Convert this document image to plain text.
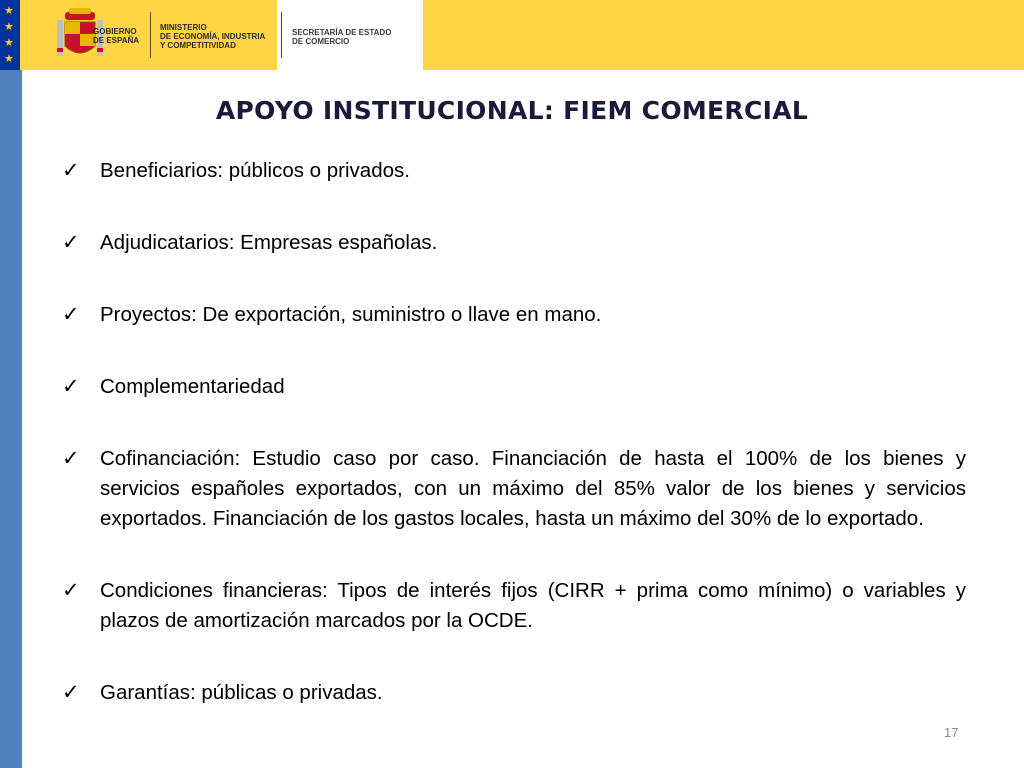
★
★
★
★
GOBIERNO
DE ESPAÑA
MINISTERIO
DE ECONOMÍA, INDUSTRIA
Y COMPETITIVIDAD
SECRETARÍA DE ESTADO
DE COMERCIO
APOYO INSTITUCIONAL: FIEM COMERCIAL
✓ Beneficiarios: públicos o privados.
✓ Adjudicatarios: Empresas españolas.
✓ Proyectos: De exportación, suministro o llave en mano.
✓ Complementariedad
✓ Cofinanciación: Estudio caso por caso. Financiación de hasta el 100% de los bienes y servicios españoles exportados, con un máximo del 85% valor de los bienes y servicios exportados. Financiación de los gastos locales, hasta un máximo del 30% de lo exportado.
✓ Condiciones financieras: Tipos de interés fijos (CIRR + prima como mínimo) o variables y plazos de amortización marcados por la OCDE.
✓ Garantías: públicas o privadas.
17
